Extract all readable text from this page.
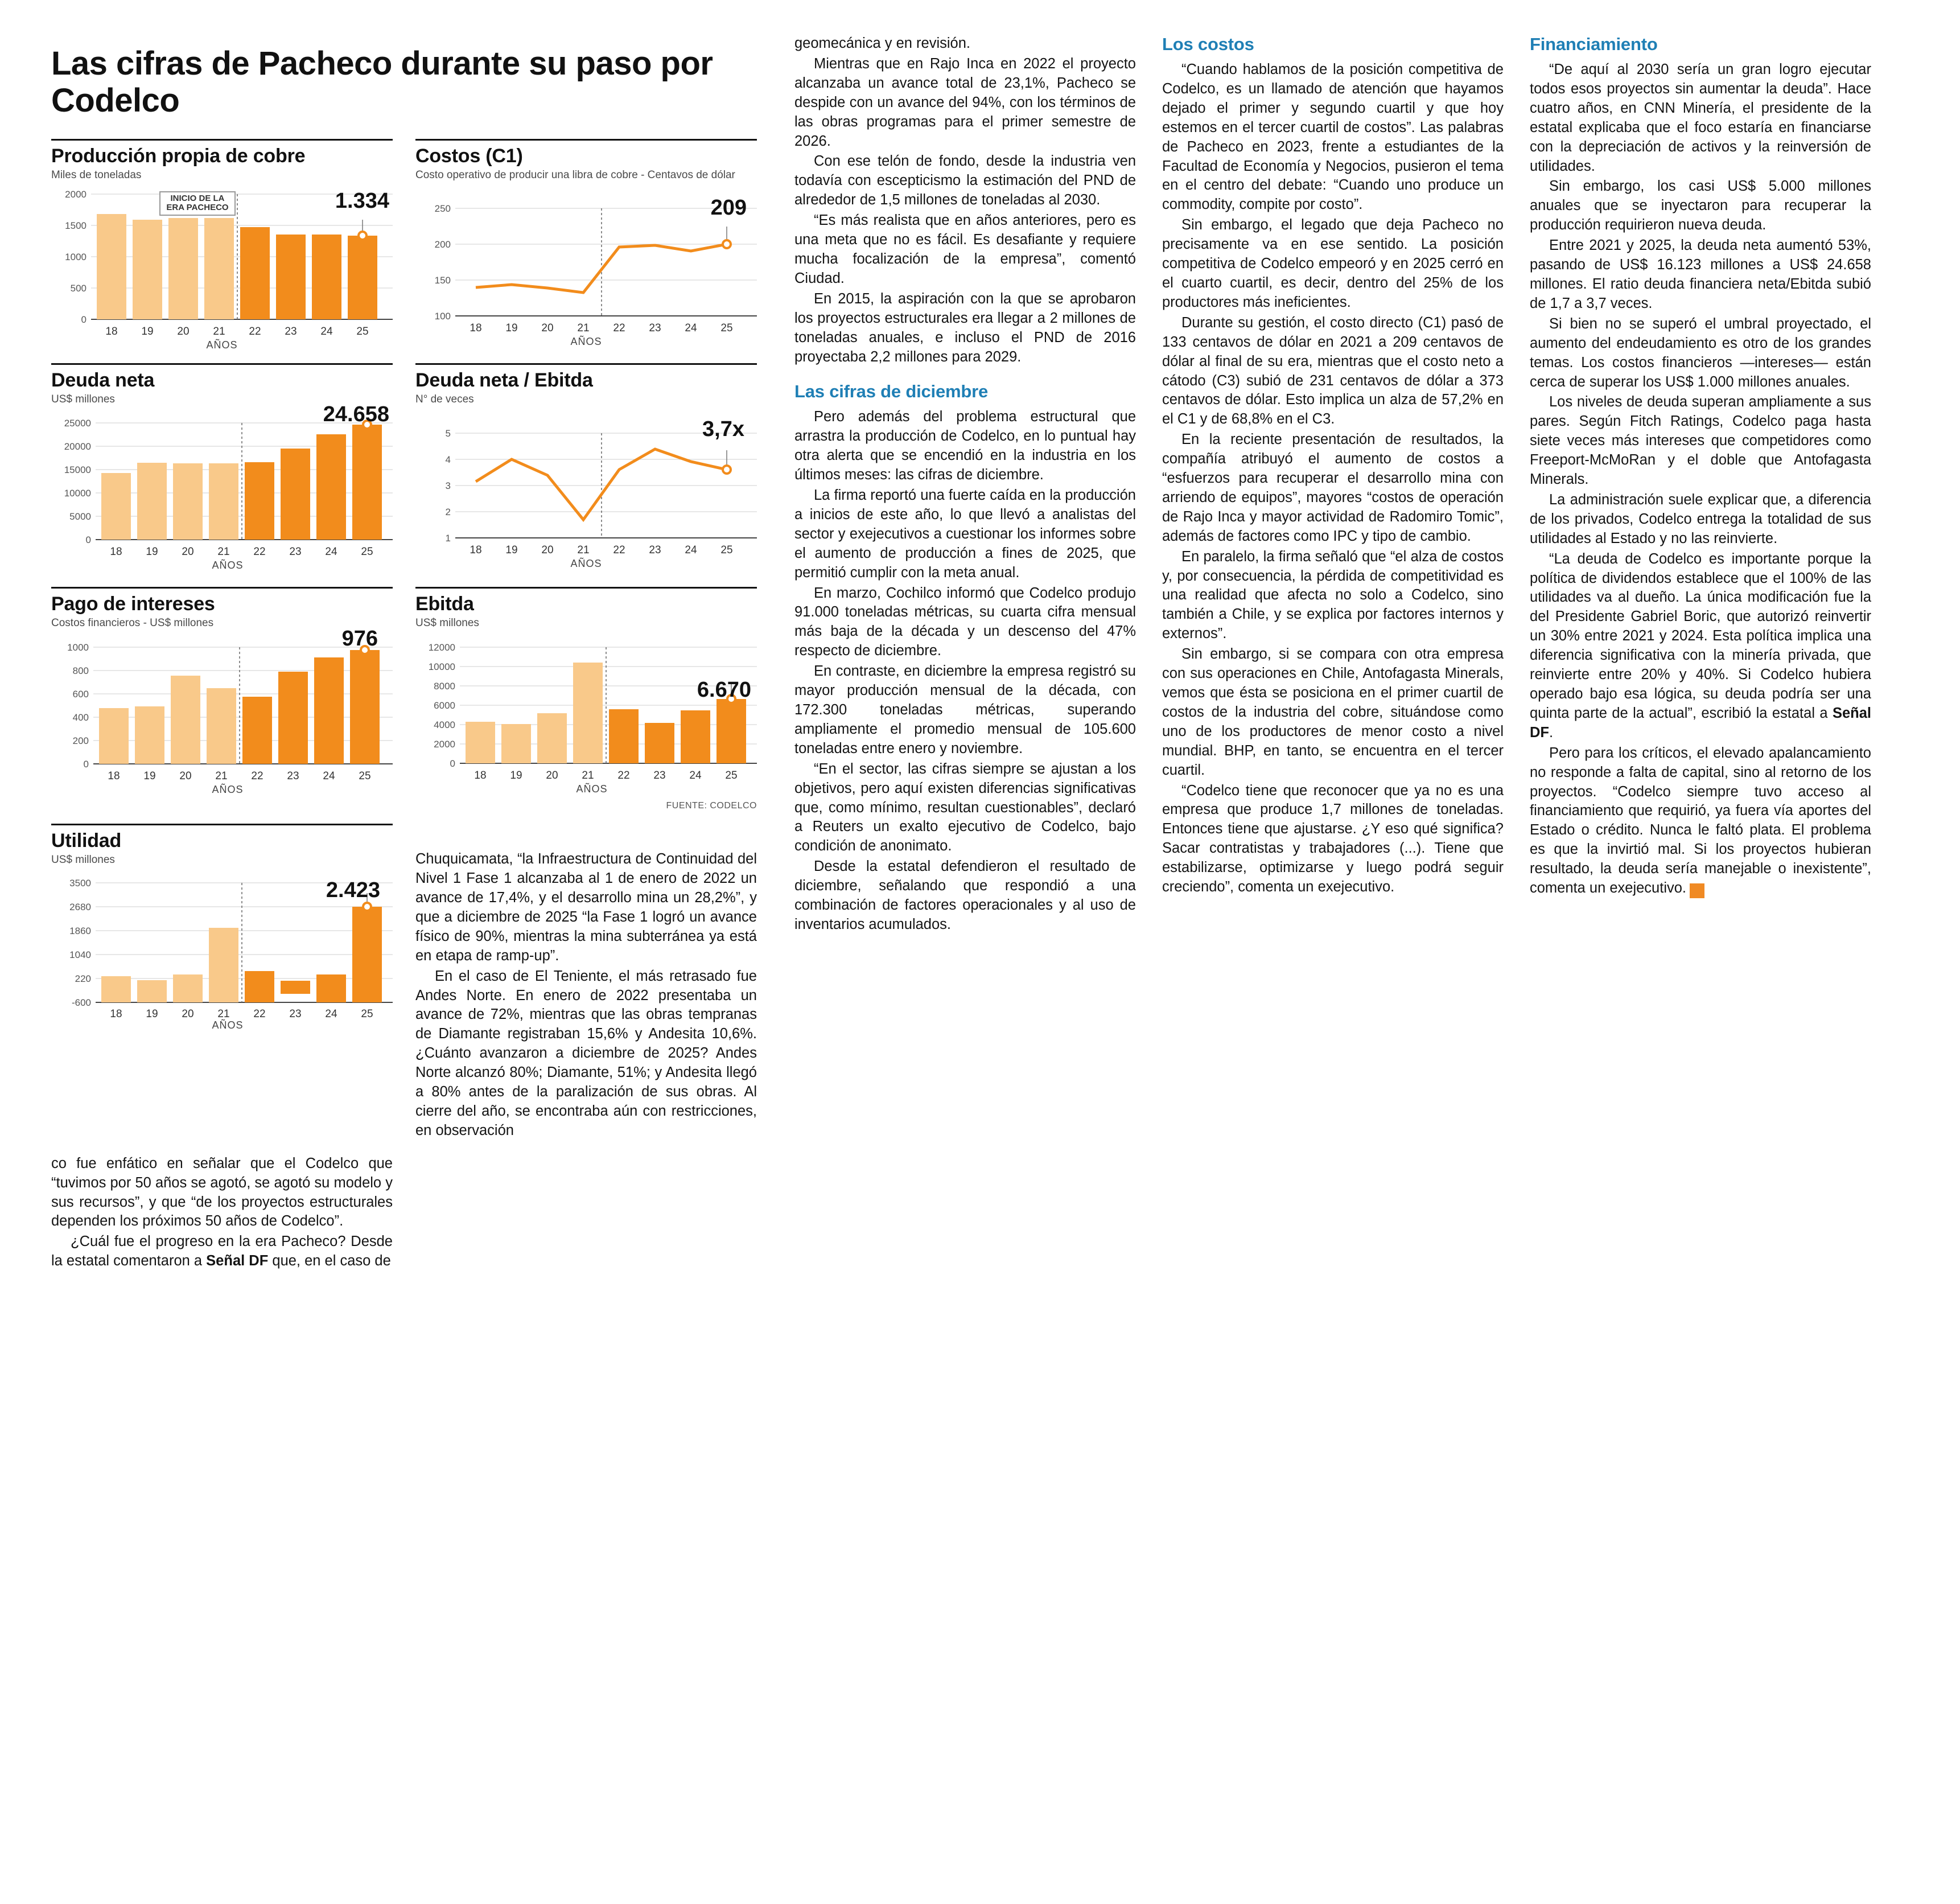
Las cifras de Pacheco durante su paso por Codelco
Producción propia de cobre
Miles de toneladas
2000
1500
1000
500
0
18 19 20 21 22 23 24 25
AÑOS
1.334
INICIO DE LA ERA PACHECO
Costos (C1)
Costo operativo de producir una libra de cobre - Centavos de dólar
250
200
150
100
18 19 20 21 22 23 24 25
AÑOS
209
Deuda neta
US$ millones
25000
20000
15000
10000
5000
0
18 19 20 21 22 23 24 25
AÑOS
24.658
Deuda neta / Ebitda
N° de veces
5
4
3
2
1
18 19 20 21 22 23 24 25
AÑOS
3,7x
Pago de intereses
Costos financieros - US$ millones
1000
800
600
400
200
0
18 19 20 21 22 23 24 25
AÑOS
976
Ebitda
US$ millones
12000
10000
8000
6000
4000
2000
0
18 19 20 21 22 23 24 25
AÑOS
6.670
FUENTE: CODELCO
Utilidad
US$ millones
3500
2680
1860
1040
220
-600
18 19 20 21 22 23 24 25
AÑOS
2.423

Chuquicamata, “la Infraestructura de Continuidad del Nivel 1 Fase 1 alcanzaba al 1 de enero de 2022 un avance de 17,4%, y el desarrollo mina un 28,2%”, y que a diciembre de 2025 “la Fase 1 logró un avance físico de 90%, mientras la mina subterránea ya está en etapa de ramp-up”.

En el caso de El Teniente, el más retrasado fue Andes Norte. En enero de 2022 presentaba un avance de 72%, mientras que las obras tempranas de Diamante registraban 15,6% y Andesita 10,6%. ¿Cuánto avanzaron a diciembre de 2025? Andes Norte alcanzó 80%; Diamante, 51%; y Andesita llegó a 80% antes de la paralización de sus obras. Al cierre del año, se encontraba aún con restricciones, en observación

co fue enfático en señalar que el Codelco que “tuvimos por 50 años se agotó, se agotó su modelo y sus recursos”, y que “de los proyectos estructurales dependen los próximos 50 años de Codelco”.

¿Cuál fue el progreso en la era Pacheco? Desde la estatal comentaron a Señal DF que, en el caso de

geomecánica y en revisión.

Mientras que en Rajo Inca en 2022 el proyecto alcanzaba un avance total de 23,1%, Pacheco se despide con un avance del 94%, con los términos de las obras programas para el primer semestre de 2026.

Con ese telón de fondo, desde la industria ven todavía con escepticismo la estimación del PND de alrededor de 1,5 millones de toneladas al 2030.

“Es más realista que en años anteriores, pero es una meta que no es fácil. Es desafiante y requiere mucha focalización de la empresa”, comentó Ciudad.

En 2015, la aspiración con la que se aprobaron los proyectos estructurales era llegar a 2 millones de toneladas anuales, e incluso el PND de 2016 proyectaba 2,2 millones para 2029.

Las cifras de diciembre

Pero además del problema estructural que arrastra la producción de Codelco, en lo puntual hay otra alerta que se encendió en la industria en los últimos meses: las cifras de diciembre.

La firma reportó una fuerte caída en la producción a inicios de este año, lo que llevó a analistas del sector y exejecutivos a cuestionar los informes sobre el aumento de producción a fines de 2025, que permitió cumplir con la meta anual.

En marzo, Cochilco informó que Codelco produjo 91.000 toneladas métricas, su cuarta cifra mensual más baja de la década y un descenso del 47% respecto de diciembre.

En contraste, en diciembre la empresa registró su mayor producción mensual de la década, con 172.300 toneladas métricas, superando ampliamente el promedio mensual de 105.600 toneladas entre enero y noviembre.

“En el sector, las cifras siempre se ajustan a los objetivos, pero aquí existen diferencias significativas que, como mínimo, resultan cuestionables”, declaró a Reuters un exalto ejecutivo de Codelco, bajo condición de anonimato.

Desde la estatal defendieron el resultado de diciembre, señalando que respondió a una combinación de factores operacionales y al uso de inventarios acumulados.

Los costos

“Cuando hablamos de la posición competitiva de Codelco, es un llamado de atención que hayamos dejado el primer y segundo cuartil y que hoy estemos en el tercer cuartil de costos”. Las palabras de Pacheco en 2023, frente a estudiantes de la Facultad de Economía y Negocios, pusieron el tema en el centro del debate: “Cuando uno produce un commodity, compite por costo”.

Sin embargo, el legado que deja Pacheco no precisamente va en ese sentido. La posición competitiva de Codelco empeoró y en 2025 cerró en el cuarto cuartil, es decir, dentro del 25% de los productores más ineficientes.

Durante su gestión, el costo directo (C1) pasó de 133 centavos de dólar en 2021 a 209 centavos de dólar al final de su era, mientras que el costo neto a cátodo (C3) subió de 231 centavos de dólar a 373 centavos de dólar. Esto implica un alza de 57,2% en el C1 y de 68,8% en el C3.

En la reciente presentación de resultados, la compañía atribuyó el aumento de costos a “esfuerzos para recuperar el desarrollo mina con arriendo de equipos”, mayores “costos de operación de Rajo Inca y mayor actividad de Radomiro Tomic”, además de factores como IPC y tipo de cambio.

En paralelo, la firma señaló que “el alza de costos y, por consecuencia, la pérdida de competitividad es una realidad que afecta no solo a Codelco, sino también a Chile, y se explica por factores internos y externos”.

Sin embargo, si se compara con otra empresa con sus operaciones en Chile, Antofagasta Minerals, vemos que ésta se posiciona en el primer cuartil de costos de la industria del cobre, situándose como uno de los productores de menor costo a nivel mundial. BHP, en tanto, se encuentra en el tercer cuartil.

“Codelco tiene que reconocer que ya no es una empresa que produce 1,7 millones de toneladas. Entonces tiene que ajustarse. ¿Y eso qué significa? Sacar contratistas y trabajadores (...). Tiene que estabilizarse, optimizarse y luego podrá seguir creciendo”, comenta un exejecutivo.

Financiamiento

“De aquí al 2030 sería un gran logro ejecutar todos esos proyectos sin aumentar la deuda”. Hace cuatro años, en CNN Minería, el presidente de la estatal explicaba que el foco estaría en financiarse con la depreciación de activos y la reinversión de utilidades.

Sin embargo, los casi US$ 5.000 millones anuales que se inyectaron para recuperar la producción requirieron nueva deuda.

Entre 2021 y 2025, la deuda neta aumentó 53%, pasando de US$ 16.123 millones a US$ 24.658 millones. El ratio deuda financiera neta/Ebitda subió de 1,7 a 3,7 veces.

Si bien no se superó el umbral proyectado, el aumento del endeudamiento es otro de los grandes temas. Los costos financieros —intereses— están cerca de superar los US$ 1.000 millones anuales.

Los niveles de deuda superan ampliamente a sus pares. Según Fitch Ratings, Codelco paga hasta siete veces más intereses que competidores como Freeport-McMoRan y el doble que Antofagasta Minerals.

La administración suele explicar que, a diferencia de los privados, Codelco entrega la totalidad de sus utilidades al Estado y no las reinvierte.

“La deuda de Codelco es importante porque la política de dividendos establece que el 100% de las utilidades va al dueño. La única modificación fue la del Presidente Gabriel Boric, que autorizó reinvertir un 30% entre 2021 y 2024. Esta política implica una diferencia significativa con la minería privada, que reinvierte entre 20% y 40%. Si Codelco hubiera operado bajo esa lógica, su deuda podría ser una quinta parte de la actual”, escribió la estatal a Señal DF.

Pero para los críticos, el elevado apalancamiento no responde a falta de capital, sino al retorno de los proyectos. “Codelco siempre tuvo acceso al financiamiento que requirió, ya fuera vía aportes del Estado o crédito. Nunca le faltó plata. El problema es que la invirtió mal. Si los proyectos hubieran resultado, la deuda sería manejable o inexistente”, comenta un exejecutivo. S
